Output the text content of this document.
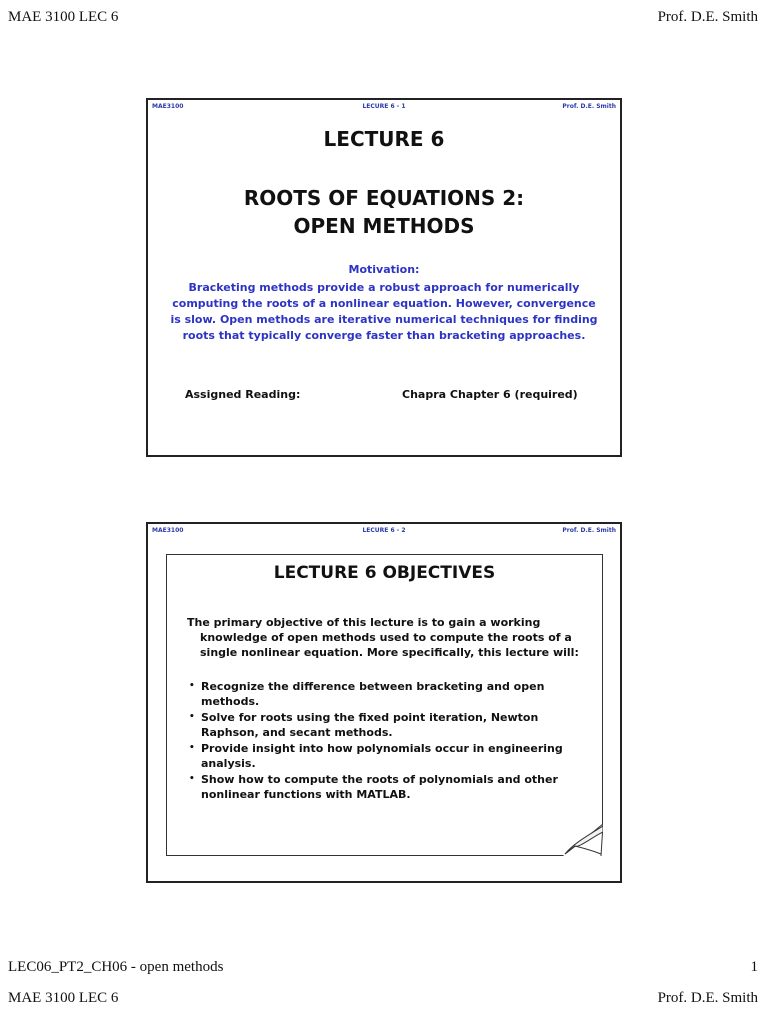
MAE 3100 LEC 6	Prof. D.E. Smith
MAE3100	LECURE 6 - 1	Prof. D.E. Smith
LECTURE 6
ROOTS OF EQUATIONS 2:
OPEN METHODS
Motivation:
Bracketing methods provide a robust approach for numerically
computing the roots of a nonlinear equation. However, convergence
is slow. Open methods are iterative numerical techniques for finding
roots that typically converge faster than bracketing approaches.
Assigned Reading:	Chapra Chapter 6 (required)
MAE3100	LECURE 6 - 2	Prof. D.E. Smith
LECTURE 6 OBJECTIVES
The primary objective of this lecture is to gain a working
knowledge of open methods used to compute the roots of a
single nonlinear equation. More specifically, this lecture will:
• Recognize the difference between bracketing and open methods.
• Solve for roots using the fixed point iteration, Newton Raphson, and secant methods.
• Provide insight into how polynomials occur in engineering analysis.
• Show how to compute the roots of polynomials and other nonlinear functions with MATLAB.
LEC06_PT2_CH06 - open methods	1
MAE 3100 LEC 6	Prof. D.E. Smith
